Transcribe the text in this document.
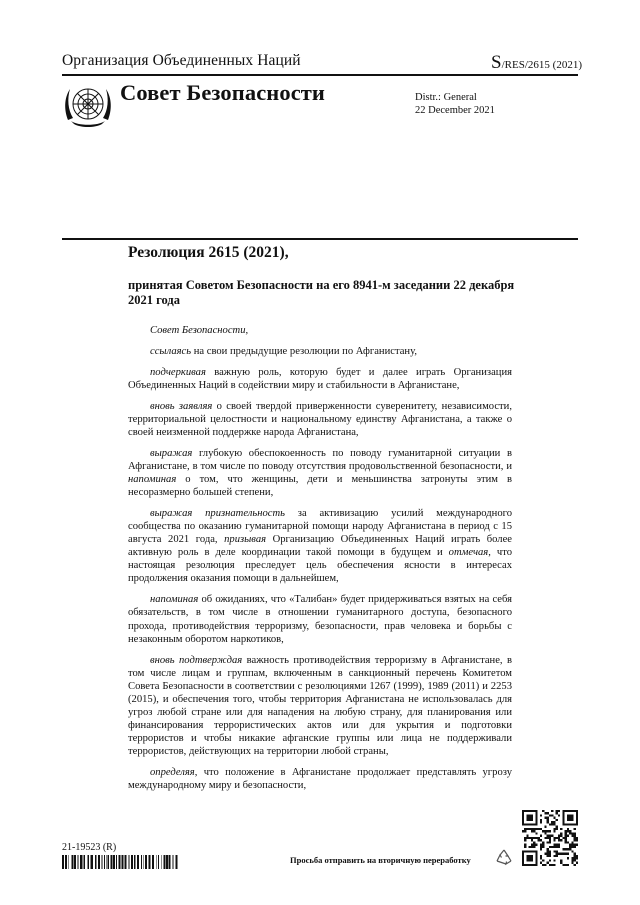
Организация Объединенных Наций	S/RES/2615 (2021)
Совет Безопасности	Distr.: General
22 December 2021
Резолюция 2615 (2021),
принятая Советом Безопасности на его 8941-м заседании 22 декабря 2021 года

Совет Безопасности,

ссылаясь на свои предыдущие резолюции по Афганистану,

подчеркивая важную роль, которую будет и далее играть Организация Объединенных Наций в содействии миру и стабильности в Афганистане,

вновь заявляя о своей твердой приверженности суверенитету, независимости, территориальной целостности и национальному единству Афганистана, а также о своей неизменной поддержке народа Афганистана,

выражая глубокую обеспокоенность по поводу гуманитарной ситуации в Афганистане, в том числе по поводу отсутствия продовольственной безопасности, и напоминая о том, что женщины, дети и меньшинства затронуты этим в несоразмерно большей степени,

выражая признательность за активизацию усилий международного сообщества по оказанию гуманитарной помощи народу Афганистана в период с 15 августа 2021 года, призывая Организацию Объединенных Наций играть более активную роль в деле координации такой помощи в будущем и отмечая, что настоящая резолюция преследует цель обеспечения ясности в интересах продолжения оказания помощи в дальнейшем,

напоминая об ожиданиях, что «Талибан» будет придерживаться взятых на себя обязательств, в том числе в отношении гуманитарного доступа, безопасного прохода, противодействия терроризму, безопасности, прав человека и борьбы с незаконным оборотом наркотиков,

вновь подтверждая важность противодействия терроризму в Афганистане, в том числе лицам и группам, включенным в санкционный перечень Комитетом Совета Безопасности в соответствии с резолюциями 1267 (1999), 1989 (2011) и 2253 (2015), и обеспечения того, чтобы территория Афганистана не использовалась для угроз любой стране или для нападения на любую страну, для планирования или финансирования террористических актов или для укрытия и подготовки террористов и чтобы никакие афганские группы или лица не поддерживали террористов, действующих на территории любой страны,

определяя, что положение в Афганистане продолжает представлять угрозу международному миру и безопасности,

21-19523 (R)
Просьба отправить на вторичную переработку
